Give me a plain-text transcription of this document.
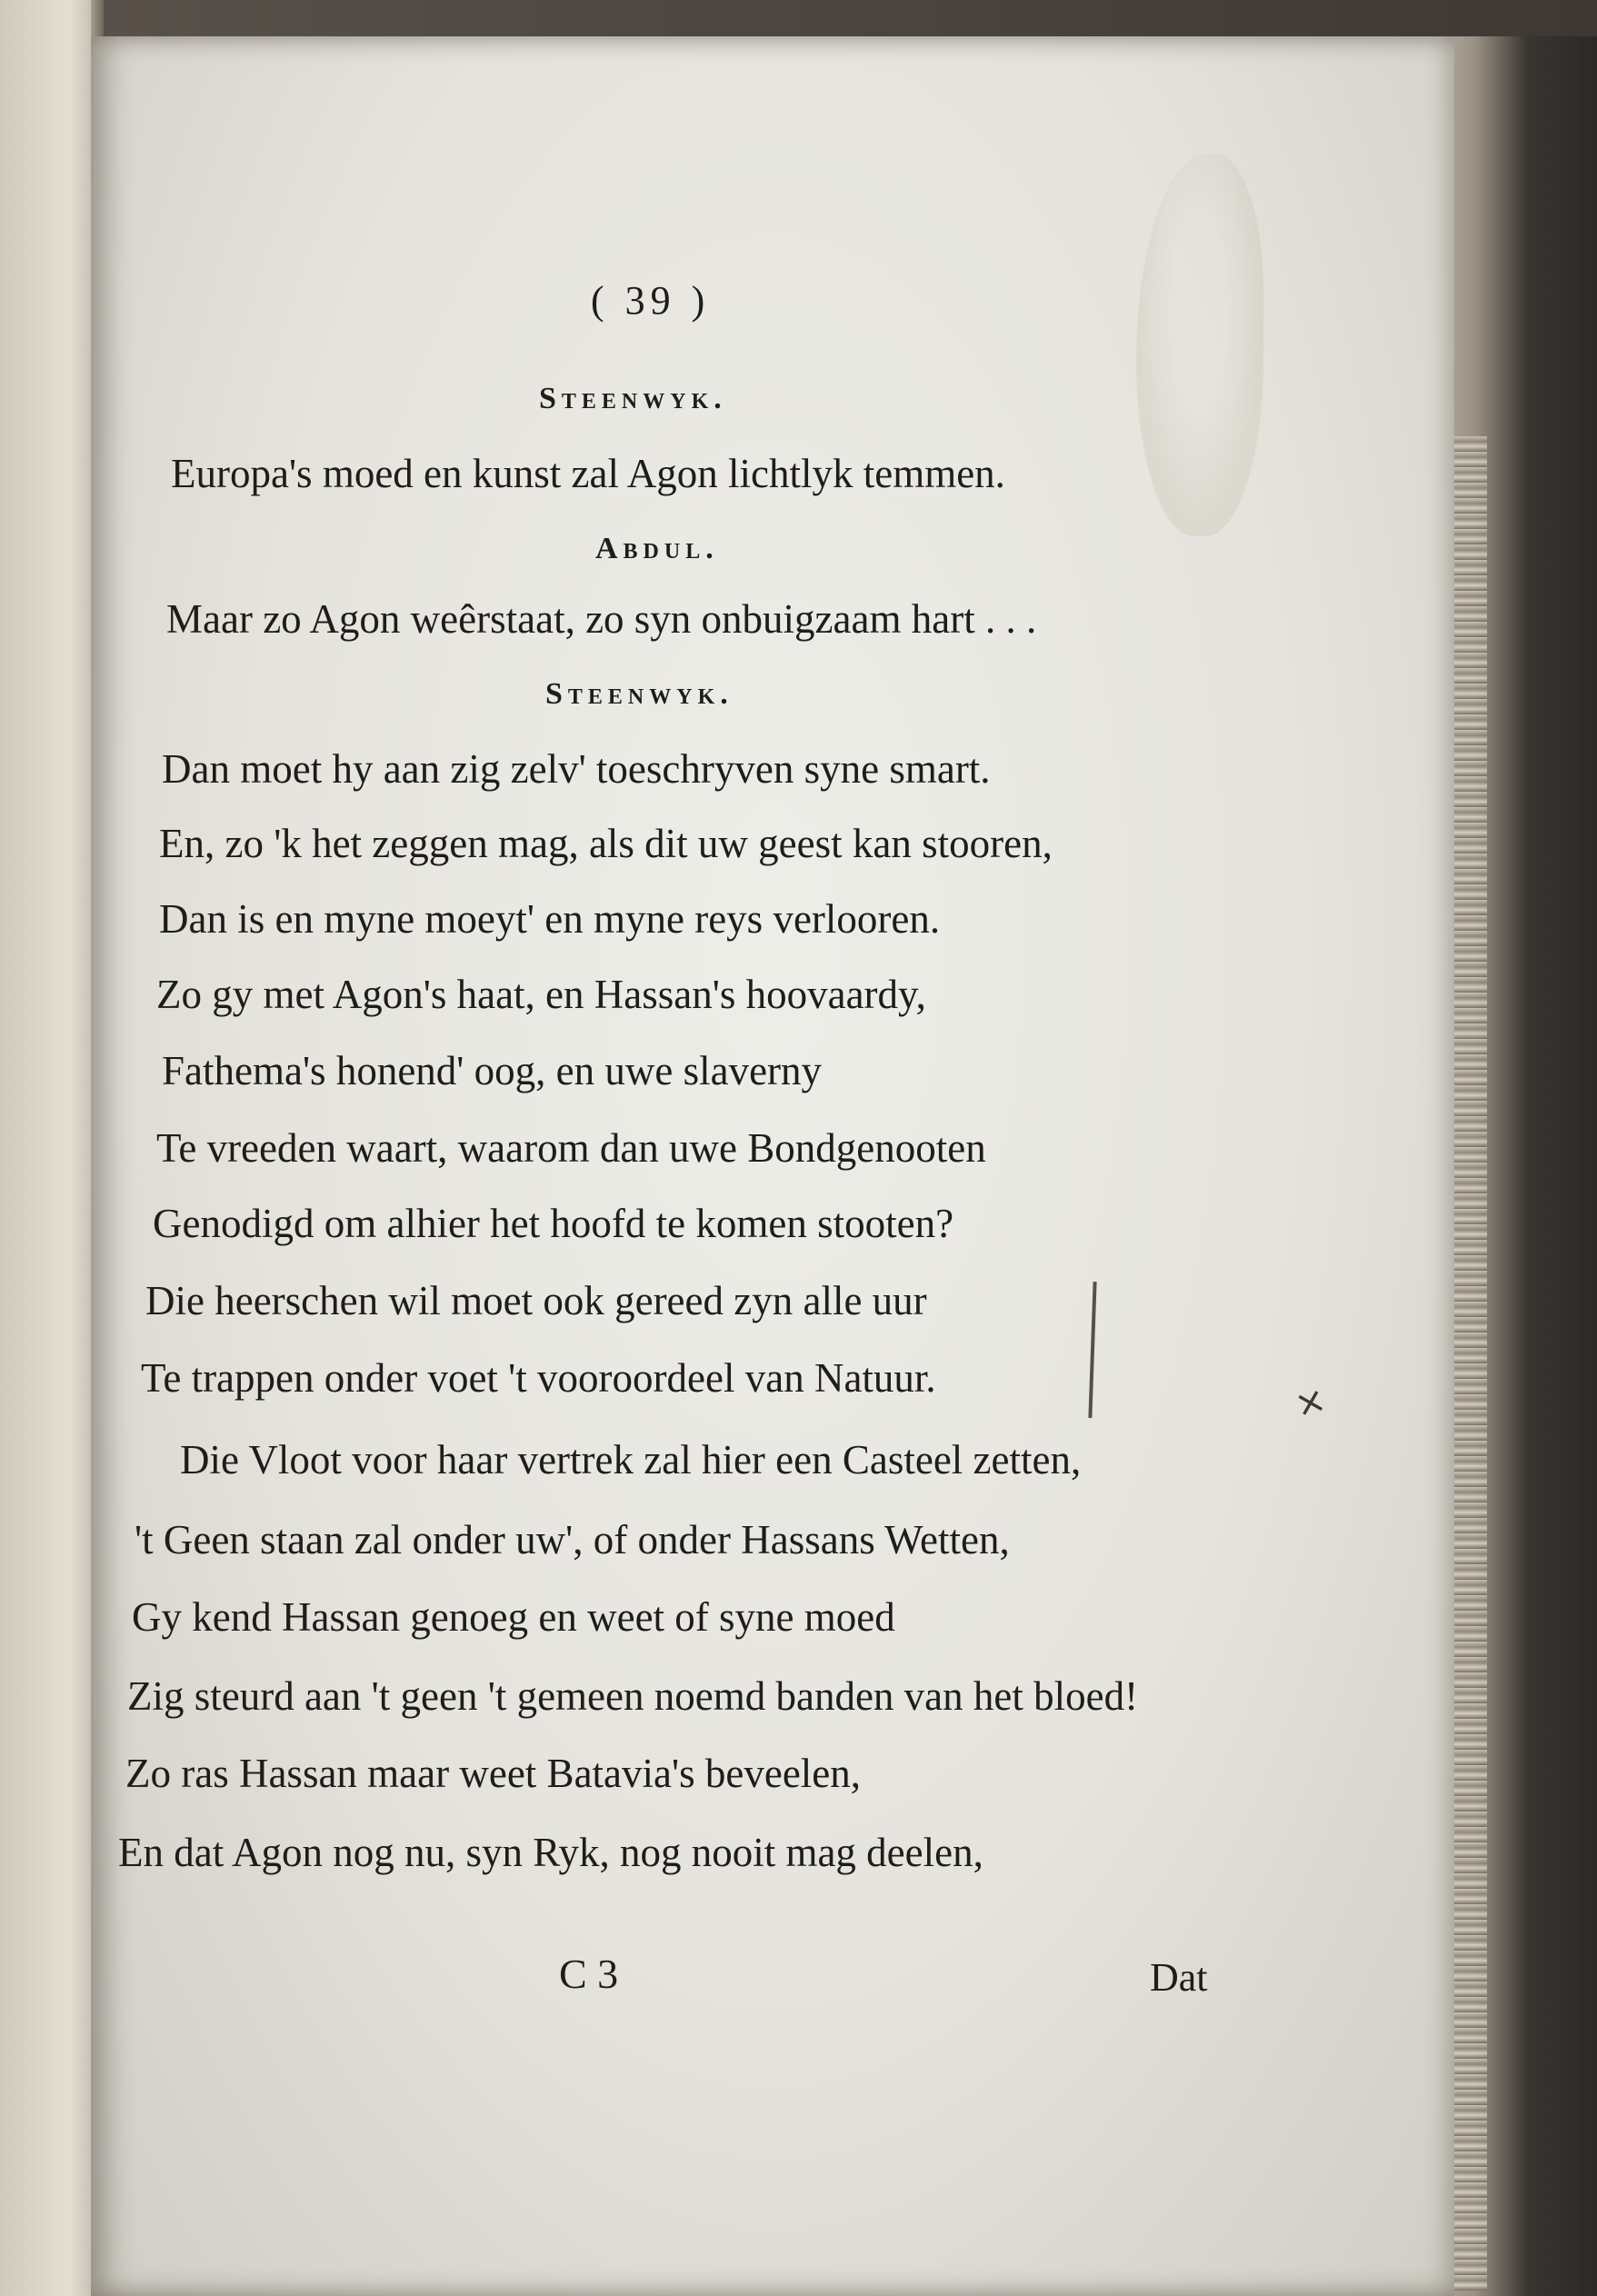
( 39 )
Steenwyk.
Europa's moed en kunst zal Agon lichtlyk temmen.
Abdul.
Maar zo Agon weêrstaat, zo syn onbuigzaam hart . . .
Steenwyk.
Dan moet hy aan zig zelv' toeschryven syne smart.
En, zo 'k het zeggen mag, als dit uw geest kan stooren,
Dan is en myne moeyt' en myne reys verlooren.
Zo gy met Agon's haat, en Hassan's hoovaardy,
Fathema's honend' oog, en uwe slaverny
Te vreeden waart, waarom dan uwe Bondgenooten
Genodigd om alhier het hoofd te komen stooten?
Die heerschen wil moet ook gereed zyn alle uur
Te trappen onder voet 't vooroordeel van Natuur.
Die Vloot voor haar vertrek zal hier een Casteel zetten,
't Geen staan zal onder uw', of onder Hassans Wetten,
Gy kend Hassan genoeg en weet of syne moed
Zig steurd aan 't geen 't gemeen noemd banden van het bloed!
Zo ras Hassan maar weet Batavia's beveelen,
En dat Agon nog nu, syn Ryk, nog nooit mag deelen,
×
C 3	Dat
